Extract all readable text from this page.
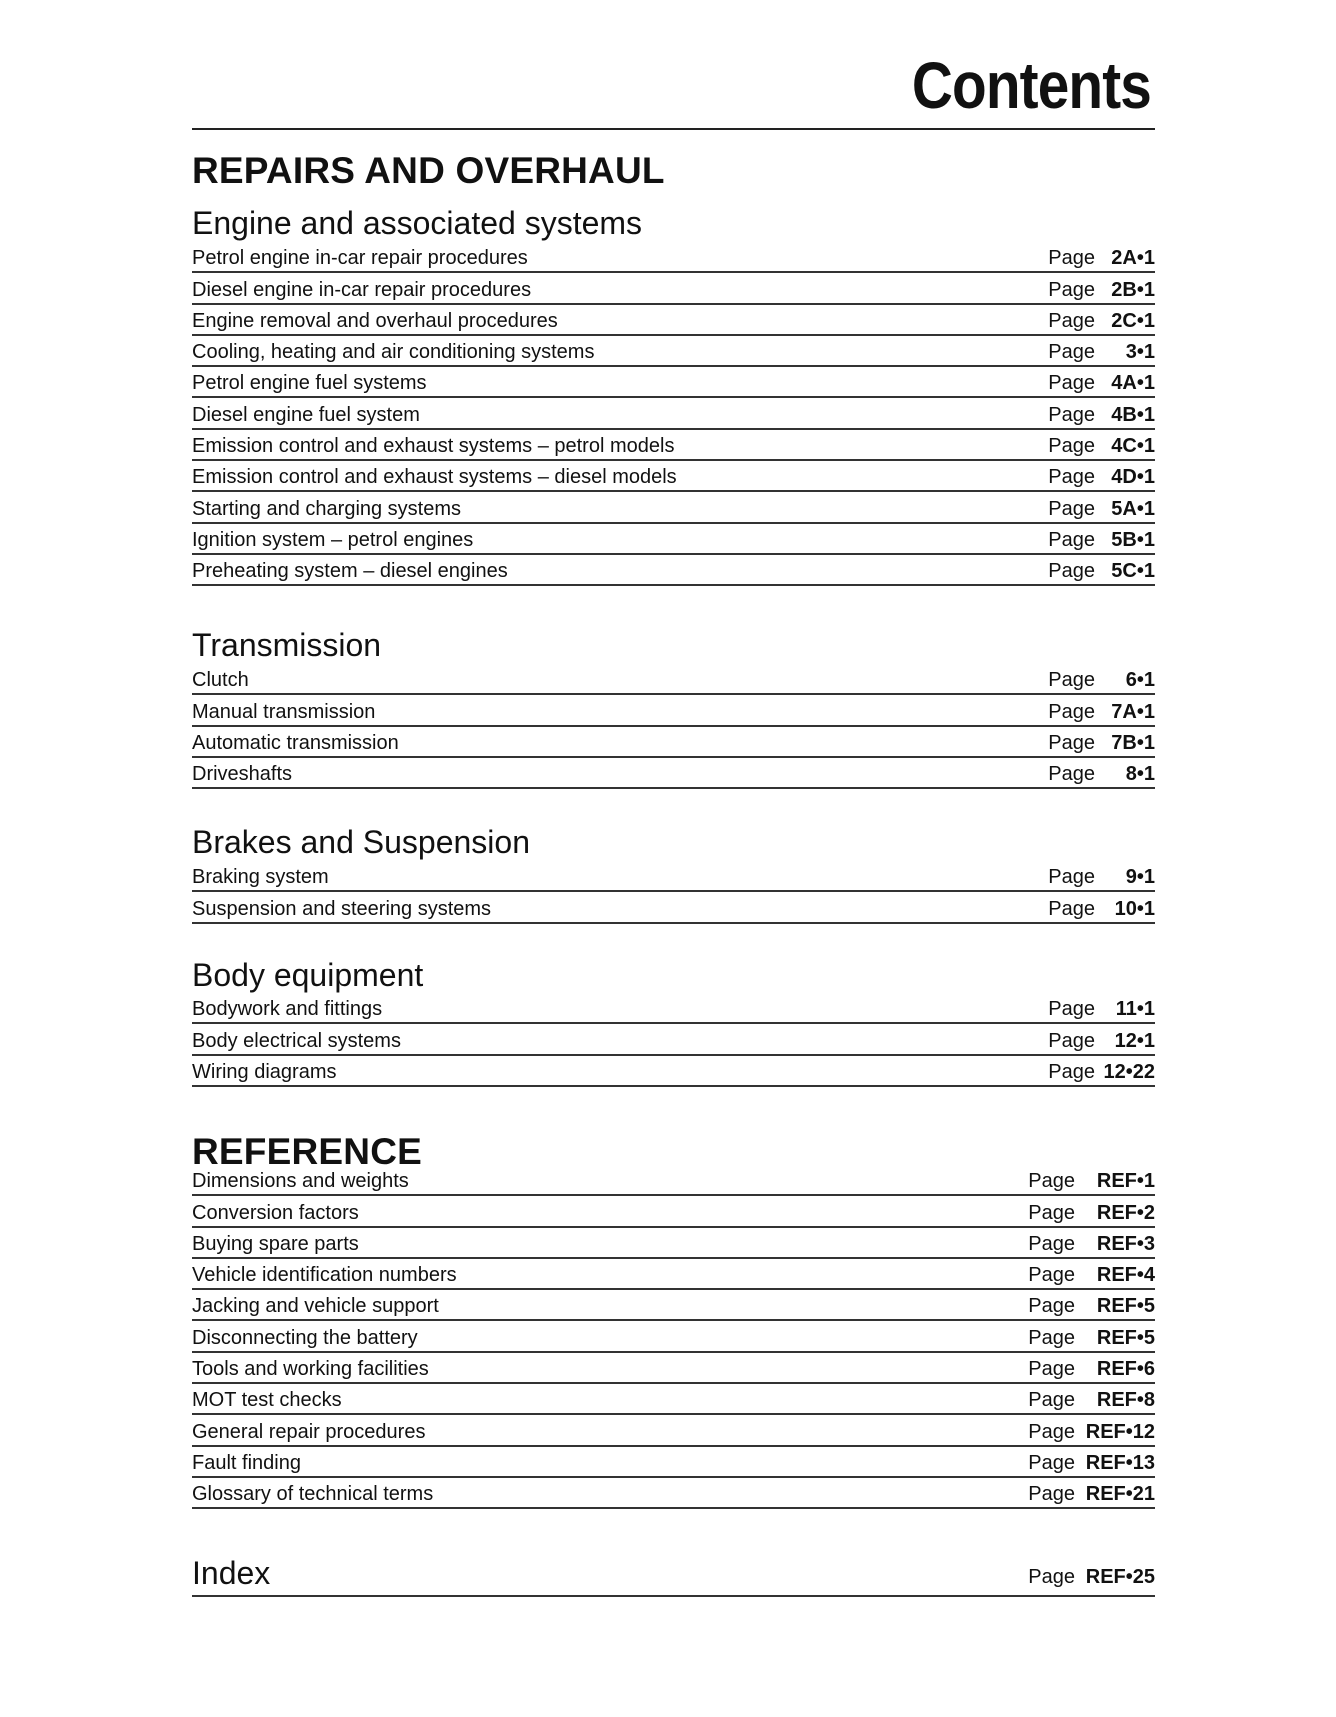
Contents
REPAIRS AND OVERHAUL
Engine and associated systems
Petrol engine in-car repair procedures	Page 2A•1
Diesel engine in-car repair procedures	Page 2B•1
Engine removal and overhaul procedures	Page 2C•1
Cooling, heating and air conditioning systems	Page	3•1
Petrol engine fuel systems	Page 4A•1
Diesel engine fuel system	Page 4B•1
Emission control and exhaust systems – petrol models	Page 4C•1
Emission control and exhaust systems – diesel models	Page 4D•1
Starting and charging systems	Page 5A•1
Ignition system – petrol engines	Page 5B•1
Preheating system – diesel engines	Page 5C•1
Transmission
Clutch	Page	6•1
Manual transmission	Page 7A•1
Automatic transmission	Page 7B•1
Driveshafts	Page	8•1
Brakes and Suspension
Braking system	Page	9•1
Suspension and steering systems	Page 10•1
Body equipment
Bodywork and fittings	Page	11•1
Body electrical systems	Page 12•1
Wiring diagrams	Page 12•22
REFERENCE
Dimensions and weights	Page	REF•1
Conversion factors	Page	REF•2
Buying spare parts	Page	REF•3
Vehicle identification numbers	Page	REF•4
Jacking and vehicle support	Page	REF•5
Disconnecting the battery	Page	REF•5
Tools and working facilities	Page	REF•6
MOT test checks	Page	REF•8
General repair procedures	Page REF•12
Fault finding	Page REF•13
Glossary of technical terms	Page REF•21
Index	Page REF•25
